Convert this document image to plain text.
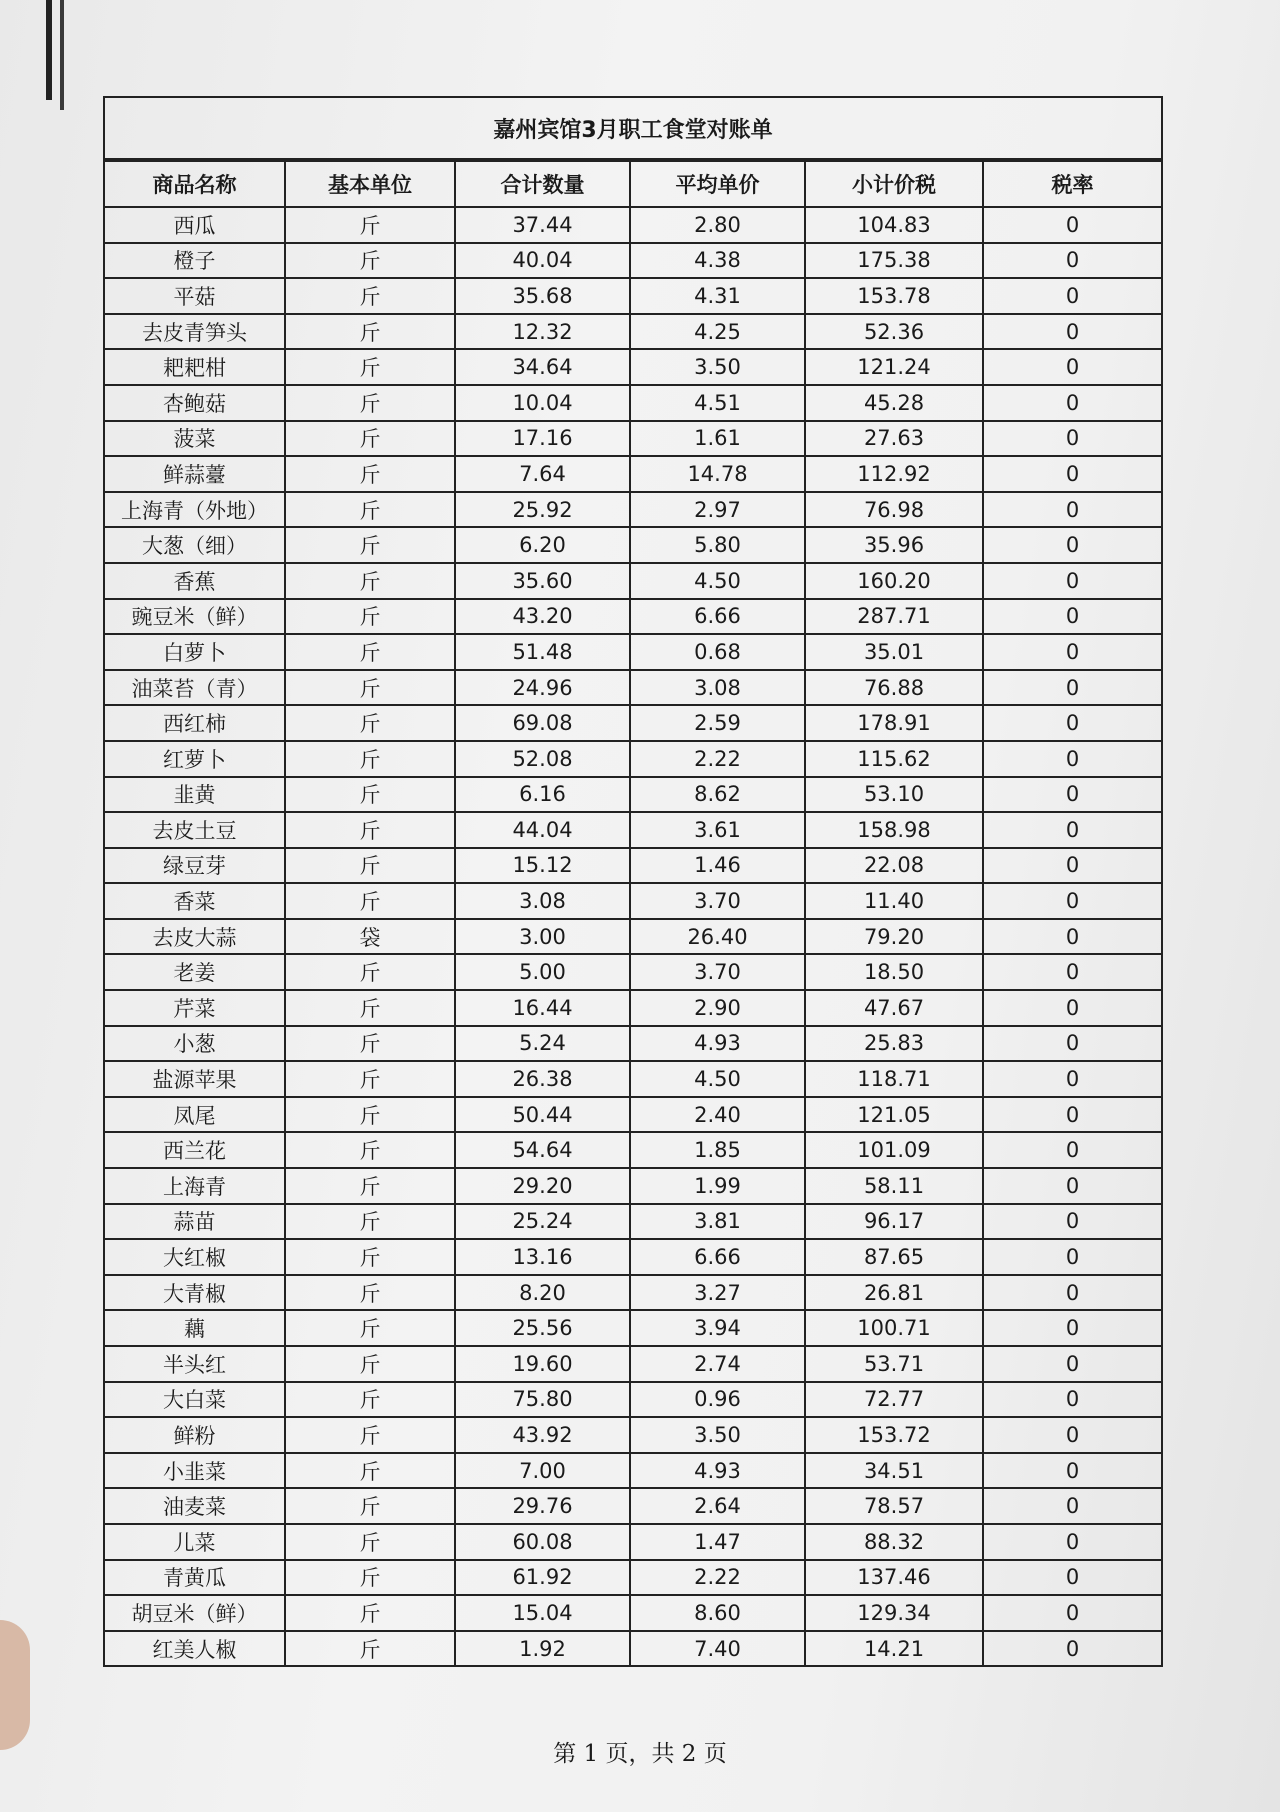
嘉州宾馆3月职工食堂对账单
商品名称	基本单位	合计数量	平均单价	小计价税	税率
西瓜	斤	37.44	2.80	104.83	0
橙子	斤	40.04	4.38	175.38	0
平菇	斤	35.68	4.31	153.78	0
去皮青笋头	斤	12.32	4.25	52.36	0
耙耙柑	斤	34.64	3.50	121.24	0
杏鲍菇	斤	10.04	4.51	45.28	0
菠菜	斤	17.16	1.61	27.63	0
鲜蒜薹	斤	7.64	14.78	112.92	0
上海青（外地）	斤	25.92	2.97	76.98	0
大葱（细）	斤	6.20	5.80	35.96	0
香蕉	斤	35.60	4.50	160.20	0
豌豆米（鲜）	斤	43.20	6.66	287.71	0
白萝卜	斤	51.48	0.68	35.01	0
油菜苔（青）	斤	24.96	3.08	76.88	0
西红柿	斤	69.08	2.59	178.91	0
红萝卜	斤	52.08	2.22	115.62	0
韭黄	斤	6.16	8.62	53.10	0
去皮土豆	斤	44.04	3.61	158.98	0
绿豆芽	斤	15.12	1.46	22.08	0
香菜	斤	3.08	3.70	11.40	0
去皮大蒜	袋	3.00	26.40	79.20	0
老姜	斤	5.00	3.70	18.50	0
芹菜	斤	16.44	2.90	47.67	0
小葱	斤	5.24	4.93	25.83	0
盐源苹果	斤	26.38	4.50	118.71	0
凤尾	斤	50.44	2.40	121.05	0
西兰花	斤	54.64	1.85	101.09	0
上海青	斤	29.20	1.99	58.11	0
蒜苗	斤	25.24	3.81	96.17	0
大红椒	斤	13.16	6.66	87.65	0
大青椒	斤	8.20	3.27	26.81	0
藕	斤	25.56	3.94	100.71	0
半头红	斤	19.60	2.74	53.71	0
大白菜	斤	75.80	0.96	72.77	0
鲜粉	斤	43.92	3.50	153.72	0
小韭菜	斤	7.00	4.93	34.51	0
油麦菜	斤	29.76	2.64	78.57	0
儿菜	斤	60.08	1.47	88.32	0
青黄瓜	斤	61.92	2.22	137.46	0
胡豆米（鲜）	斤	15.04	8.60	129.34	0
红美人椒	斤	1.92	7.40	14.21	0
第 1 页，共 2 页
